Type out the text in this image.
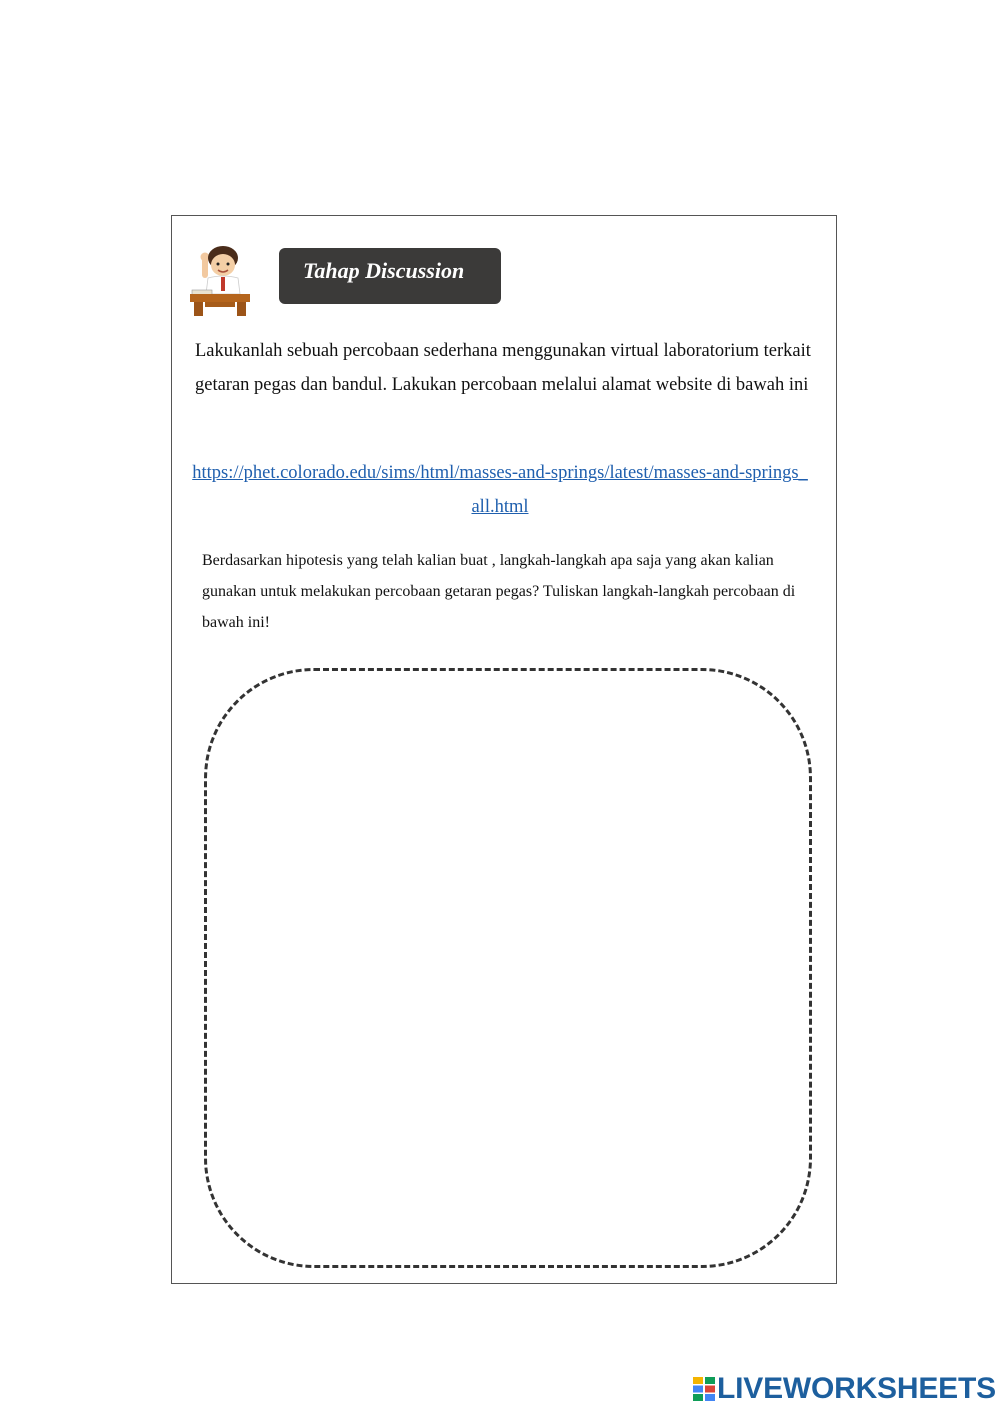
Tahap Discussion

Lakukanlah sebuah percobaan sederhana menggunakan virtual laboratorium terkait getaran pegas dan bandul. Lakukan percobaan melalui alamat website di bawah ini

https://phet.colorado.edu/sims/html/masses-and-springs/latest/masses-and-springs_all.html

Berdasarkan hipotesis yang telah kalian buat , langkah-langkah apa saja yang akan kalian gunakan untuk melakukan percobaan getaran pegas? Tuliskan langkah-langkah percobaan di bawah ini!

LIVEWORKSHEETS
